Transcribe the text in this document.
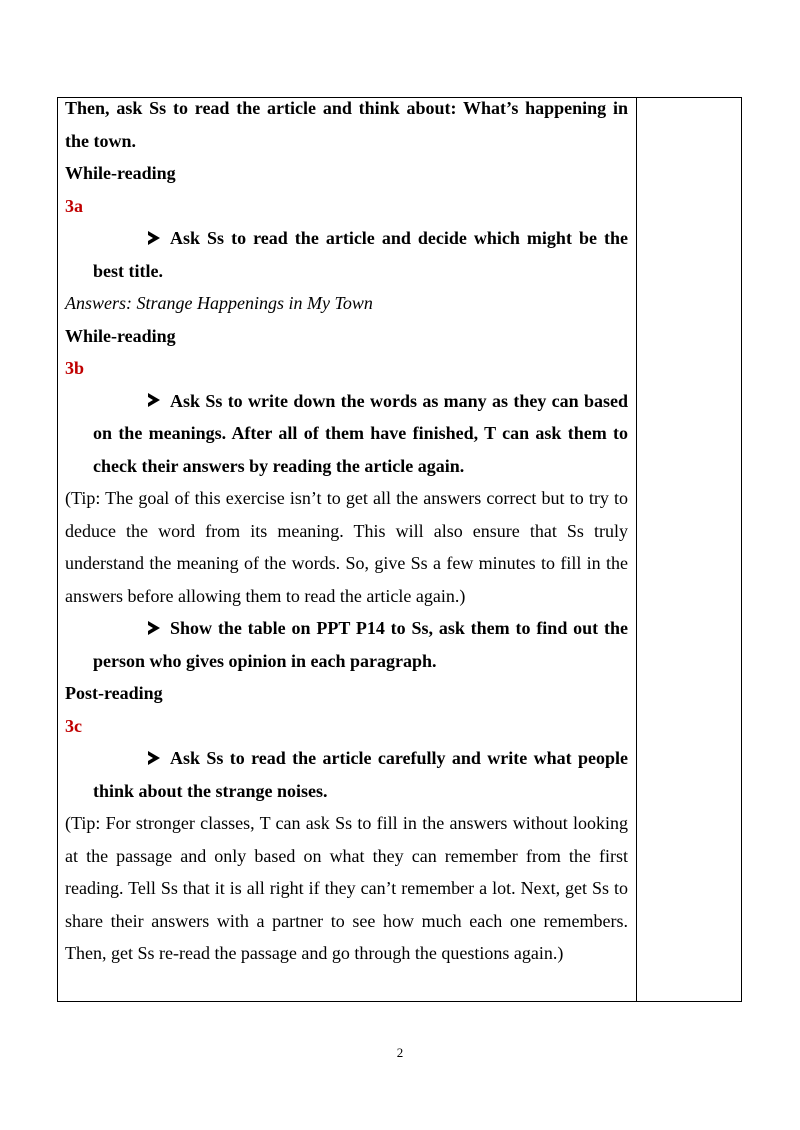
Then, ask Ss to read the article and think about: What’s happening in the town.
While-reading
3a
Ask Ss to read the article and decide which might be the best title.
Answers: Strange Happenings in My Town
While-reading
3b
Ask Ss to write down the words as many as they can based on the meanings. After all of them have finished, T can ask them to check their answers by reading the article again.
(Tip: The goal of this exercise isn’t to get all the answers correct but to try to deduce the word from its meaning. This will also ensure that Ss truly understand the meaning of the words. So, give Ss a few minutes to fill in the answers before allowing them to read the article again.)
Show the table on PPT P14 to Ss, ask them to find out the person who gives opinion in each paragraph.
Post-reading
3c
Ask Ss to read the article carefully and write what people think about the strange noises.
(Tip: For stronger classes, T can ask Ss to fill in the answers without looking at the passage and only based on what they can remember from the first reading. Tell Ss that it is all right if they can’t remember a lot. Next, get Ss to share their answers with a partner to see how much each one remembers. Then, get Ss re-read the passage and go through the questions again.)
2
